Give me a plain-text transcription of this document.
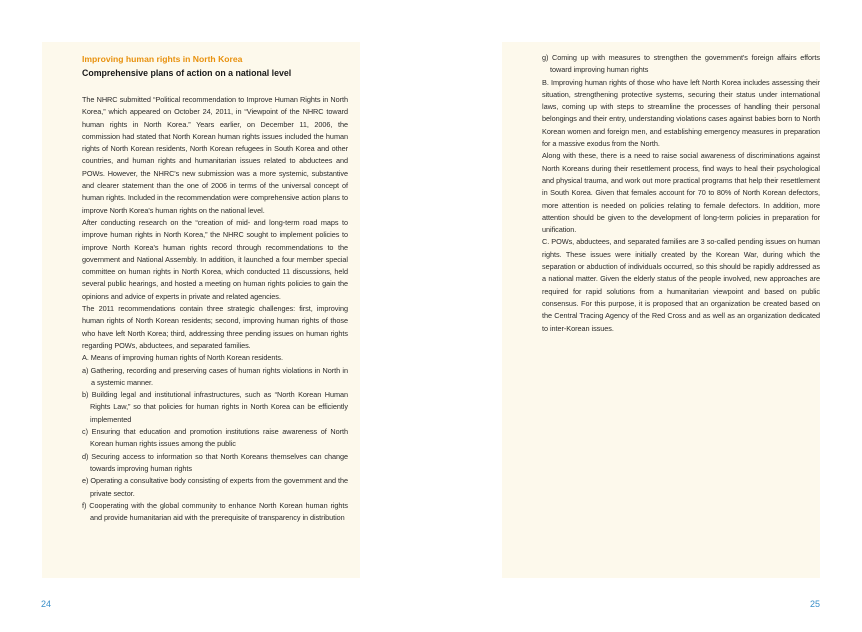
Improving human rights in North Korea
Comprehensive plans of action on a national level

The NHRC submitted “Political recommendation to Improve Human Rights in North Korea,” which appeared on October 24, 2011, in “Viewpoint of the NHRC toward human rights in North Korea.” Years earlier, on December 11, 2006, the commission had stated that North Korean human rights issues included the human rights of North Korean residents, North Korean refugees in South Korea and other countries, and human rights and humanitarian issues related to abductees and POWs. However, the NHRC's new submission was a more systemic, substantive and clearer statement than the one of 2006 in terms of the universal concept of human rights. Included in the recommendation were comprehensive action plans to improve North Korea's human rights on the national level.

After conducting research on the “creation of mid- and long-term road maps to improve human rights in North Korea,” the NHRC sought to implement policies to improve North Korea's human rights record through recommendations to the government and National Assembly. In addition, it launched a four member special committee on human rights in North Korea, which conducted 11 discussions, held several public hearings, and hosted a meeting on human rights policies to gain the opinions and advice of experts in private and related agencies.

The 2011 recommendations contain three strategic challenges: first, improving human rights of North Korean residents; second, improving human rights of those who have left North Korea; third, addressing three pending issues on human rights regarding POWs, abductees, and separated families.

A. Means of improving human rights of North Korean residents.

a) Gathering, recording and preserving cases of human rights violations in North in a systemic manner.

b) Building legal and institutional infrastructures, such as “North Korean Human Rights Law,” so that policies for human rights in North Korea can be efficiently implemented

c) Ensuring that education and promotion institutions raise awareness of North Korean human rights issues among the public

d) Securing access to information so that North Koreans themselves can change towards improving human rights

e) Operating a consultative body consisting of experts from the government and the private sector.

f) Cooperating with the global community to enhance North Korean human rights and provide humanitarian aid with the prerequisite of transparency in distribution

g) Coming up with measures to strengthen the government's foreign affairs efforts toward improving human rights

B. Improving human rights of those who have left North Korea includes assessing their situation, strengthening protective systems, securing their status under international laws, coming up with steps to streamline the processes of handling their personal belongings and their entry, understanding violations cases against babies born to North Korean women and foreign men, and establishing emergency measures in preparation for a massive exodus from the North.

Along with these, there is a need to raise social awareness of discriminations against North Koreans during their resettlement process, find ways to heal their psychological and physical trauma, and work out more practical programs that help their resettlement in South Korea. Given that females account for 70 to 80% of North Korean defectors, more attention is needed on policies relating to female defectors. In addition, more attention should be given to the development of long-term policies in preparation for unification.

C. POWs, abductees, and separated families are 3 so-called pending issues on human rights. These issues were initially created by the Korean War, during which the separation or abduction of individuals occurred, so this should be rapidly addressed as a national matter. Given the elderly status of the people involved, new approaches are required for rapid solutions from a humanitarian viewpoint and based on public consensus. For this purpose, it is proposed that an organization be created based on the Central Tracing Agency of the Red Cross and as well as an organization dedicated to inter-Korean issues.

24	25
